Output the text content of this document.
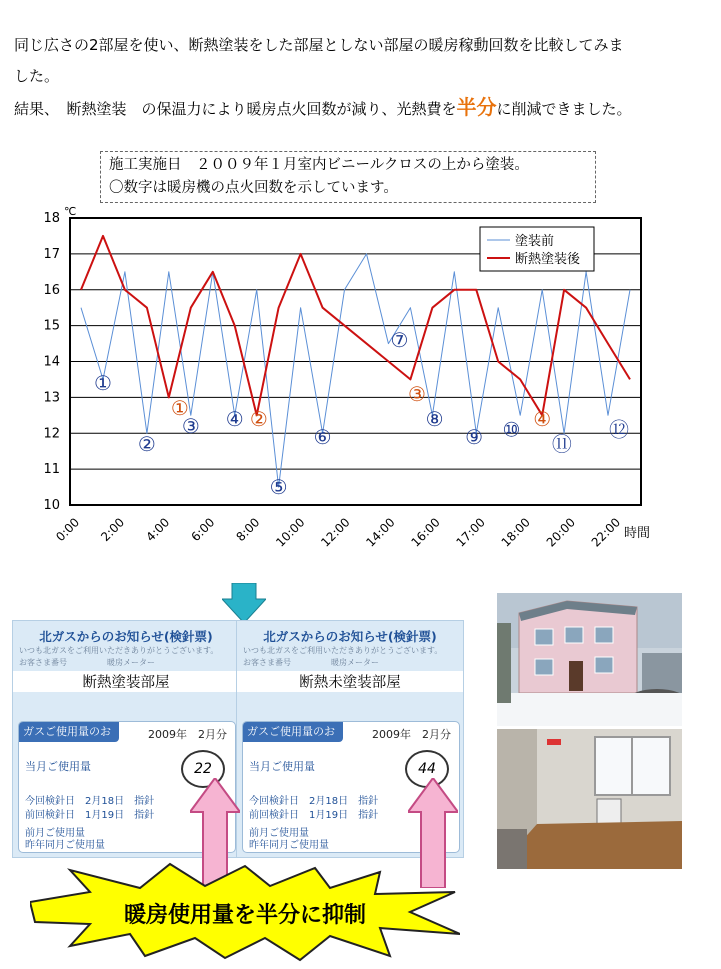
同じ広さの2部屋を使い、断熱塗装をした部屋としない部屋の暖房稼動回数を比較してみま

した。

結果、　断熱塗装　の保温力により暖房点火回数が減り、光熱費を半分に削減できました。

10
11
12
13
14
15
16
17
18
0:00 2:00 4:00 6:00 8:00 10:00 12:00 14:00 16:00 17:00 18:00 20:00 22:00
℃
時間
①
②
③ ④
⑤
⑥
⑦
⑧
⑨ ⑩
⑪
⑫
①	②
③
④
塗装前
断熱塗装後
施工実施日　２００９年１月室内ビニールクロスの上から塗装。
〇数字は暖房機の点火回数を示しています。
北ガスからのお知らせ(検針票)
いつも北ガスをご利用いただきありがとうございます。
お客さま番号　　　　　暖房メーター
断熱塗装部屋
ガスご使用量のお知らせ
2009年　2月分
当月ご使用量	22
今回検針日　2月18日　指針
前回検針日　1月19日　指針
前月ご使用量
昨年同月ご使用量
北ガスからのお知らせ(検針票)
いつも北ガスをご利用いただきありがとうございます。
お客さま番号　　　　　暖房メーター
断熱未塗装部屋
ガスご使用量のお知らせ
2009年　2月分
当月ご使用量	44
今回検針日　2月18日　指針
前回検針日　1月19日　指針
前月ご使用量
昨年同月ご使用量
暖房使用量を半分に抑制
